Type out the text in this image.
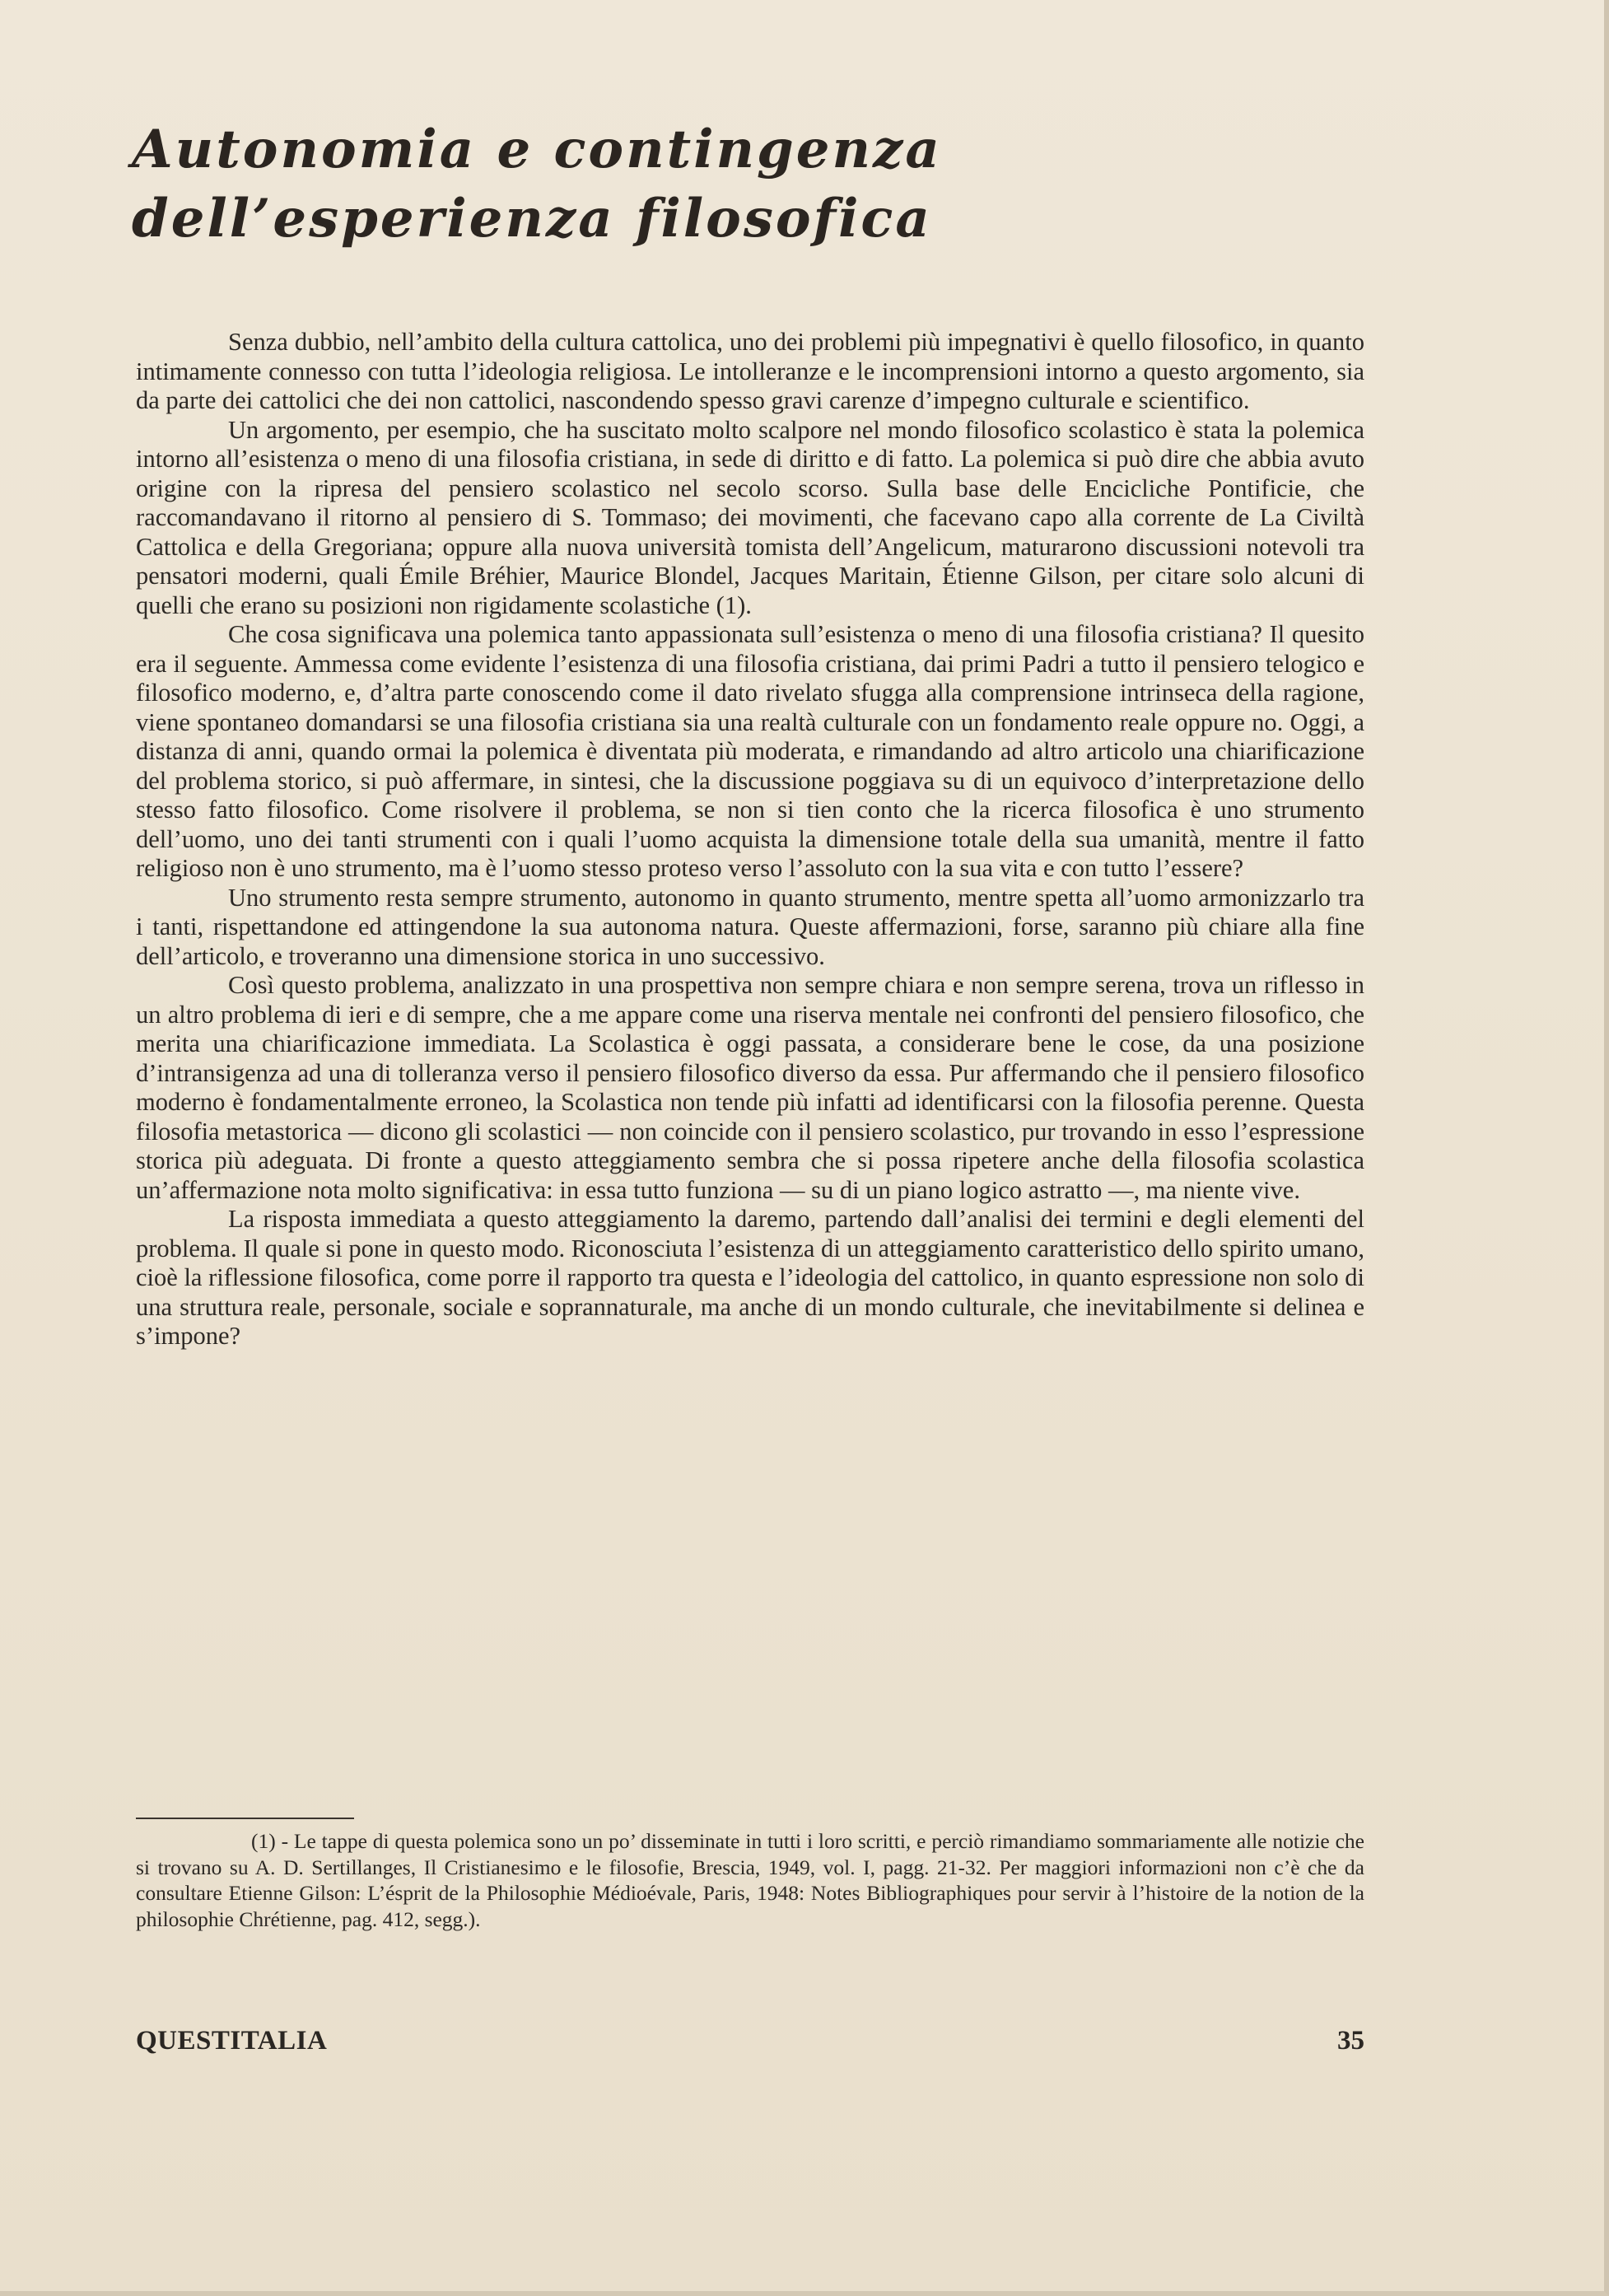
Autonomia e contingenza
dell’esperienza filosofica

Senza dubbio, nell’ambito della cultura cattolica, uno dei problemi più impegnativi è quello filosofico, in quanto intimamente connesso con tutta l’ideologia religiosa. Le intolleranze e le incomprensioni intorno a questo argomento, sia da parte dei cattolici che dei non cattolici, nascondendo spesso gravi carenze d’impegno culturale e scientifico.

Un argomento, per esempio, che ha suscitato molto scalpore nel mondo filosofico scolastico è stata la polemica intorno all’esistenza o meno di una filosofia cristiana, in sede di diritto e di fatto. La polemica si può dire che abbia avuto origine con la ripresa del pensiero scolastico nel secolo scorso. Sulla base delle Encicliche Pontificie, che raccomandavano il ritorno al pensiero di S. Tommaso; dei movimenti, che facevano capo alla corrente de La Civiltà Cattolica e della Gregoriana; oppure alla nuova università tomista dell’Angelicum, maturarono discussioni notevoli tra pensatori moderni, quali Émile Bréhier, Maurice Blondel, Jacques Maritain, Étienne Gilson, per citare solo alcuni di quelli che erano su posizioni non rigidamente scolastiche (1).

Che cosa significava una polemica tanto appassionata sull’esistenza o meno di una filosofia cristiana? Il quesito era il seguente. Ammessa come evidente l’esistenza di una filosofia cristiana, dai primi Padri a tutto il pensiero telogico e filosofico moderno, e, d’altra parte conoscendo come il dato rivelato sfugga alla comprensione intrinseca della ragione, viene spontaneo domandarsi se una filosofia cristiana sia una realtà culturale con un fondamento reale oppure no. Oggi, a distanza di anni, quando ormai la polemica è diventata più moderata, e rimandando ad altro articolo una chiarificazione del problema storico, si può affermare, in sintesi, che la discussione poggiava su di un equivoco d’interpretazione dello stesso fatto filosofico. Come risolvere il problema, se non si tien conto che la ricerca filosofica è uno strumento dell’uomo, uno dei tanti strumenti con i quali l’uomo acquista la dimensione totale della sua umanità, mentre il fatto religioso non è uno strumento, ma è l’uomo stesso proteso verso l’assoluto con la sua vita e con tutto l’essere?

Uno strumento resta sempre strumento, autonomo in quanto strumento, mentre spetta all’uomo armonizzarlo tra i tanti, rispettandone ed attingendone la sua autonoma natura. Queste affermazioni, forse, saranno più chiare alla fine dell’articolo, e troveranno una dimensione storica in uno successivo.

Così questo problema, analizzato in una prospettiva non sempre chiara e non sempre serena, trova un riflesso in un altro problema di ieri e di sempre, che a me appare come una riserva mentale nei confronti del pensiero filosofico, che merita una chiarificazione immediata. La Scolastica è oggi passata, a considerare bene le cose, da una posizione d’intransigenza ad una di tolleranza verso il pensiero filosofico diverso da essa. Pur affermando che il pensiero filosofico moderno è fondamentalmente erroneo, la Scolastica non tende più infatti ad identificarsi con la filosofia perenne. Questa filosofia metastorica — dicono gli scolastici — non coincide con il pensiero scolastico, pur trovando in esso l’espressione storica più adeguata. Di fronte a questo atteggiamento sembra che si possa ripetere anche della filosofia scolastica un’affermazione nota molto significativa: in essa tutto funziona — su di un piano logico astratto —, ma niente vive.

La risposta immediata a questo atteggiamento la daremo, partendo dall’analisi dei termini e degli elementi del problema. Il quale si pone in questo modo. Riconosciuta l’esistenza di un atteggiamento caratteristico dello spirito umano, cioè la riflessione filosofica, come porre il rapporto tra questa e l’ideologia del cattolico, in quanto espressione non solo di una struttura reale, personale, sociale e soprannaturale, ma anche di un mondo culturale, che inevitabilmente si delinea e s’impone?

(1) - Le tappe di questa polemica sono un po’ disseminate in tutti i loro scritti, e perciò rimandiamo sommariamente alle notizie che si trovano su A. D. Sertillanges, Il Cristianesimo e le filosofie, Brescia, 1949, vol. I, pagg. 21-32. Per maggiori informazioni non c’è che da consultare Etienne Gilson: L’ésprit de la Philosophie Médioévale, Paris, 1948: Notes Bibliographiques pour servir à l’histoire de la notion de la philosophie Chrétienne, pag. 412, segg.).

QUESTITALIA	35
